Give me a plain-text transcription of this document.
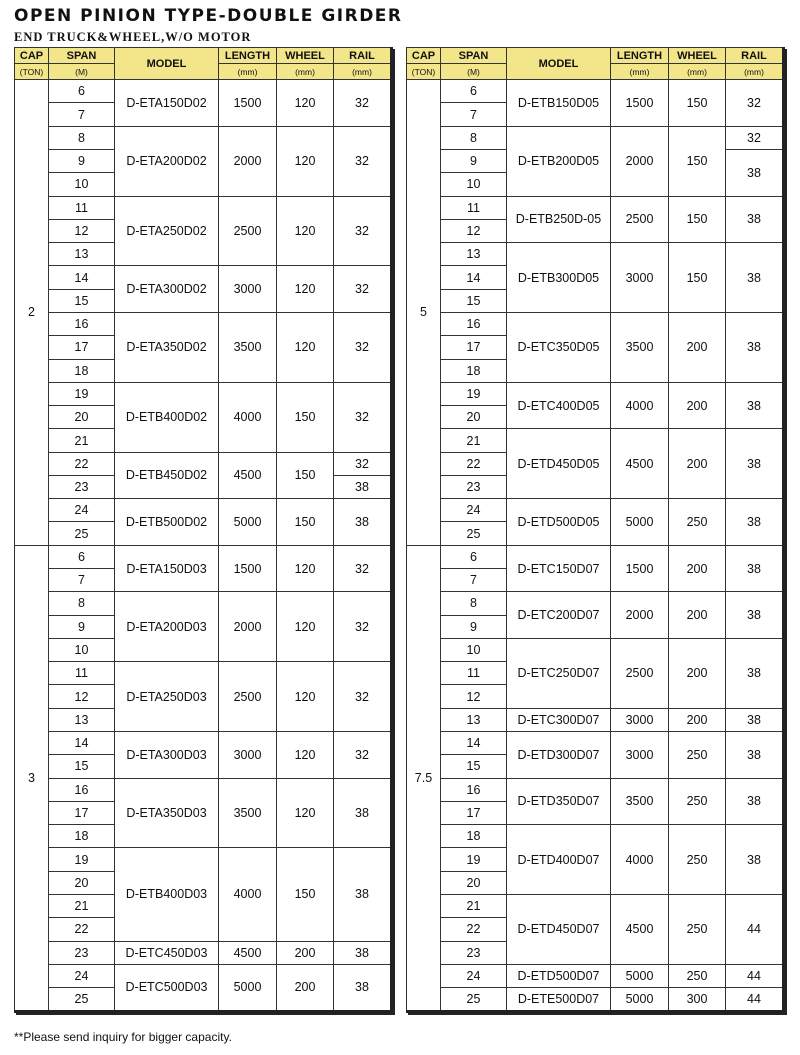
OPEN PINION TYPE-DOUBLE GIRDER
END TRUCK&WHEEL,W/O MOTOR
CAP	SPAN	MODEL	LENGTH	WHEEL	RAIL
(TON)	(M)		(mm)	(mm)	(mm)
2	6	D-ETA150D02	1500	120	32
	7				
	8	D-ETA200D02	2000	120	32
	9				
	10				
	11	D-ETA250D02	2500	120	32
	12				
	13				
	14	D-ETA300D02	3000	120	32
	15				
	16	D-ETA350D02	3500	120	32
	17				
	18				
	19	D-ETB400D02	4000	150	32
	20				
	21				
	22	D-ETB450D02	4500	150	32
	23				38
	24	D-ETB500D02	5000	150	38
	25				
3	6	D-ETA150D03	1500	120	32
	7				
	8	D-ETA200D03	2000	120	32
	9				
	10				
	11	D-ETA250D03	2500	120	32
	12				
	13				
	14	D-ETA300D03	3000	120	32
	15				
	16	D-ETA350D03	3500	120	38
	17				
	18				
	19	D-ETB400D03	4000	150	38
	20				
	21				
	22				
	23	D-ETC450D03	4500	200	38
	24	D-ETC500D03	5000	200	38
	25				
CAP	SPAN	MODEL	LENGTH	WHEEL	RAIL
(TON)	(M)		(mm)	(mm)	(mm)
5	6	D-ETB150D05	1500	150	32
	7				
	8	D-ETB200D05	2000	150	32
	9				38
	10				
	11	D-ETB250D-05	2500	150	38
	12				
	13	D-ETB300D05	3000	150	38
	14				
	15				
	16	D-ETC350D05	3500	200	38
	17				
	18				
	19	D-ETC400D05	4000	200	38
	20				
	21	D-ETD450D05	4500	200	38
	22				
	23				
	24	D-ETD500D05	5000	250	38
	25				
7.5	6	D-ETC150D07	1500	200	38
	7				
	8	D-ETC200D07	2000	200	38
	9				
	10	D-ETC250D07	2500	200	38
	11				
	12				
	13	D-ETC300D07	3000	200	38
	14	D-ETD300D07	3000	250	38
	15				
	16	D-ETD350D07	3500	250	38
	17				
	18	D-ETD400D07	4000	250	38
	19				
	20				
	21	D-ETD450D07	4500	250	44
	22				
	23				
	24	D-ETD500D07	5000	250	44
	25	D-ETE500D07	5000	300	44
**Please send inquiry for bigger capacity.
